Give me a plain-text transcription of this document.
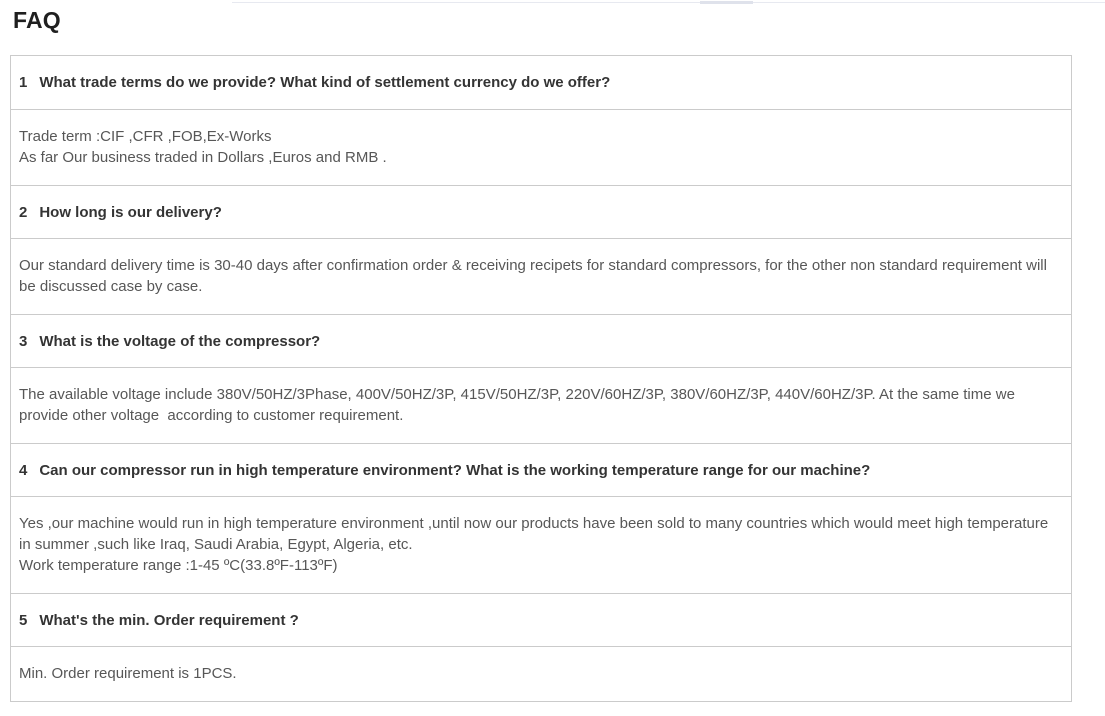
FAQ
1 What trade terms do we provide? What kind of settlement currency do we offer?

Trade term :CIF ,CFR ,FOB,Ex-Works

As far Our business traded in Dollars ,Euros and RMB .

2 How long is our delivery?

Our standard delivery time is 30-40 days after confirmation order & receiving recipets for standard compressors, for the other non standard requirement will be discussed case by case.

3 What is the voltage of the compressor?

The available voltage include 380V/50HZ/3Phase, 400V/50HZ/3P, 415V/50HZ/3P, 220V/60HZ/3P, 380V/60HZ/3P, 440V/60HZ/3P. At the same time we provide other voltage  according to customer requirement.

4 Can our compressor run in high temperature environment? What is the working temperature range for our machine?

Yes ,our machine would run in high temperature environment ,until now our products have been sold to many countries which would meet high temperature in summer ,such like Iraq, Saudi Arabia, Egypt, Algeria, etc.

Work temperature range :1-45 ºC(33.8ºF-113ºF)

5 What's the min. Order requirement ?

Min. Order requirement is 1PCS.
